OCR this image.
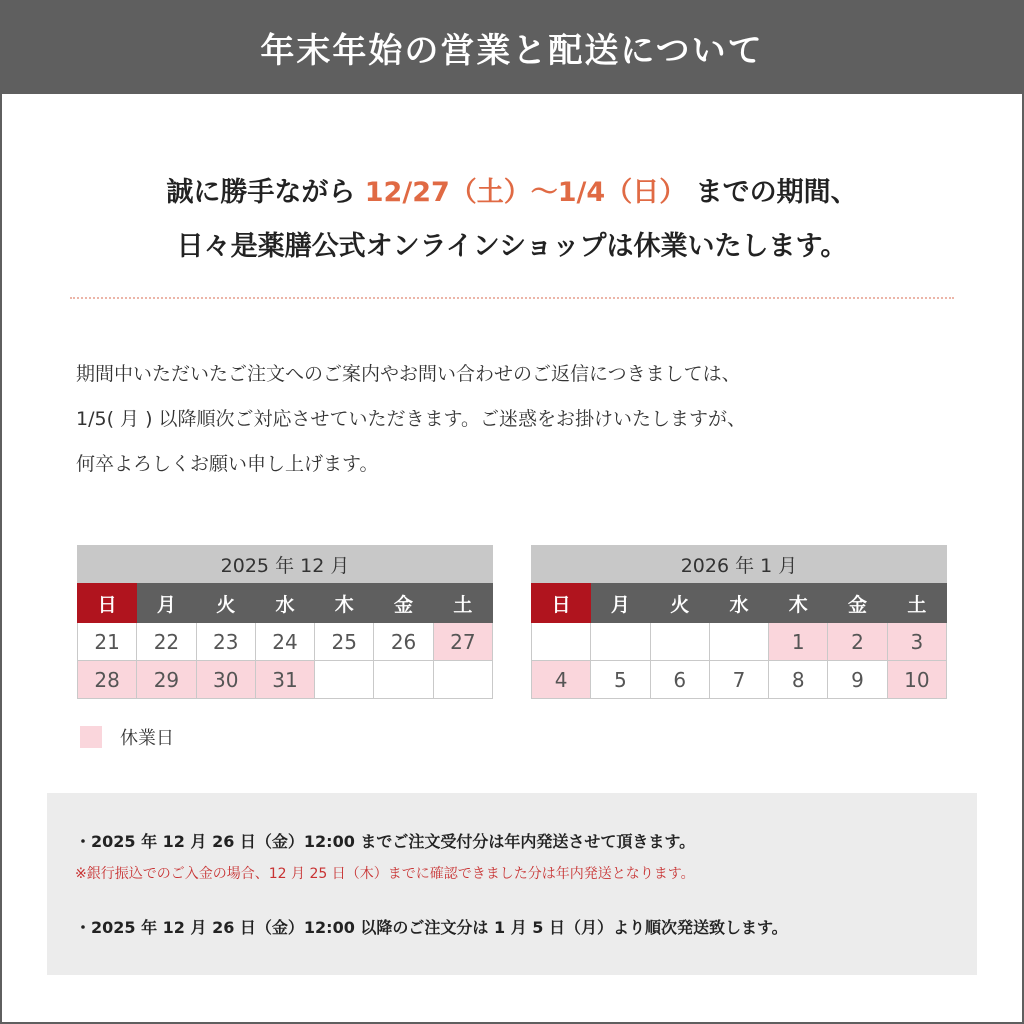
年末年始の営業と配送について
誠に勝手ながら 12/27（土）〜1/4（日） までの期間、
日々是薬膳公式オンラインショップは休業いたします。
期間中いただいたご注文へのご案内やお問い合わせのご返信につきましては、
1/5( 月 ) 以降順次ご対応させていただきます。ご迷惑をお掛けいたしますが、
何卒よろしくお願い申し上げます。
2025 年 12 月
日	月	火	水	木	金	土
21	22	23	24	25	26	27
28	29	30	31			
2026 年 1 月
日	月	火	水	木	金	土
				1	2	3
4	5	6	7	8	9	10
休業日
・2025 年 12 月 26 日（金）12:00 までご注文受付分は年内発送させて頂きます。
※銀行振込でのご入金の場合、12 月 25 日（木）までに確認できました分は年内発送となります。
・2025 年 12 月 26 日（金）12:00 以降のご注文分は 1 月 5 日（月）より順次発送致します。
